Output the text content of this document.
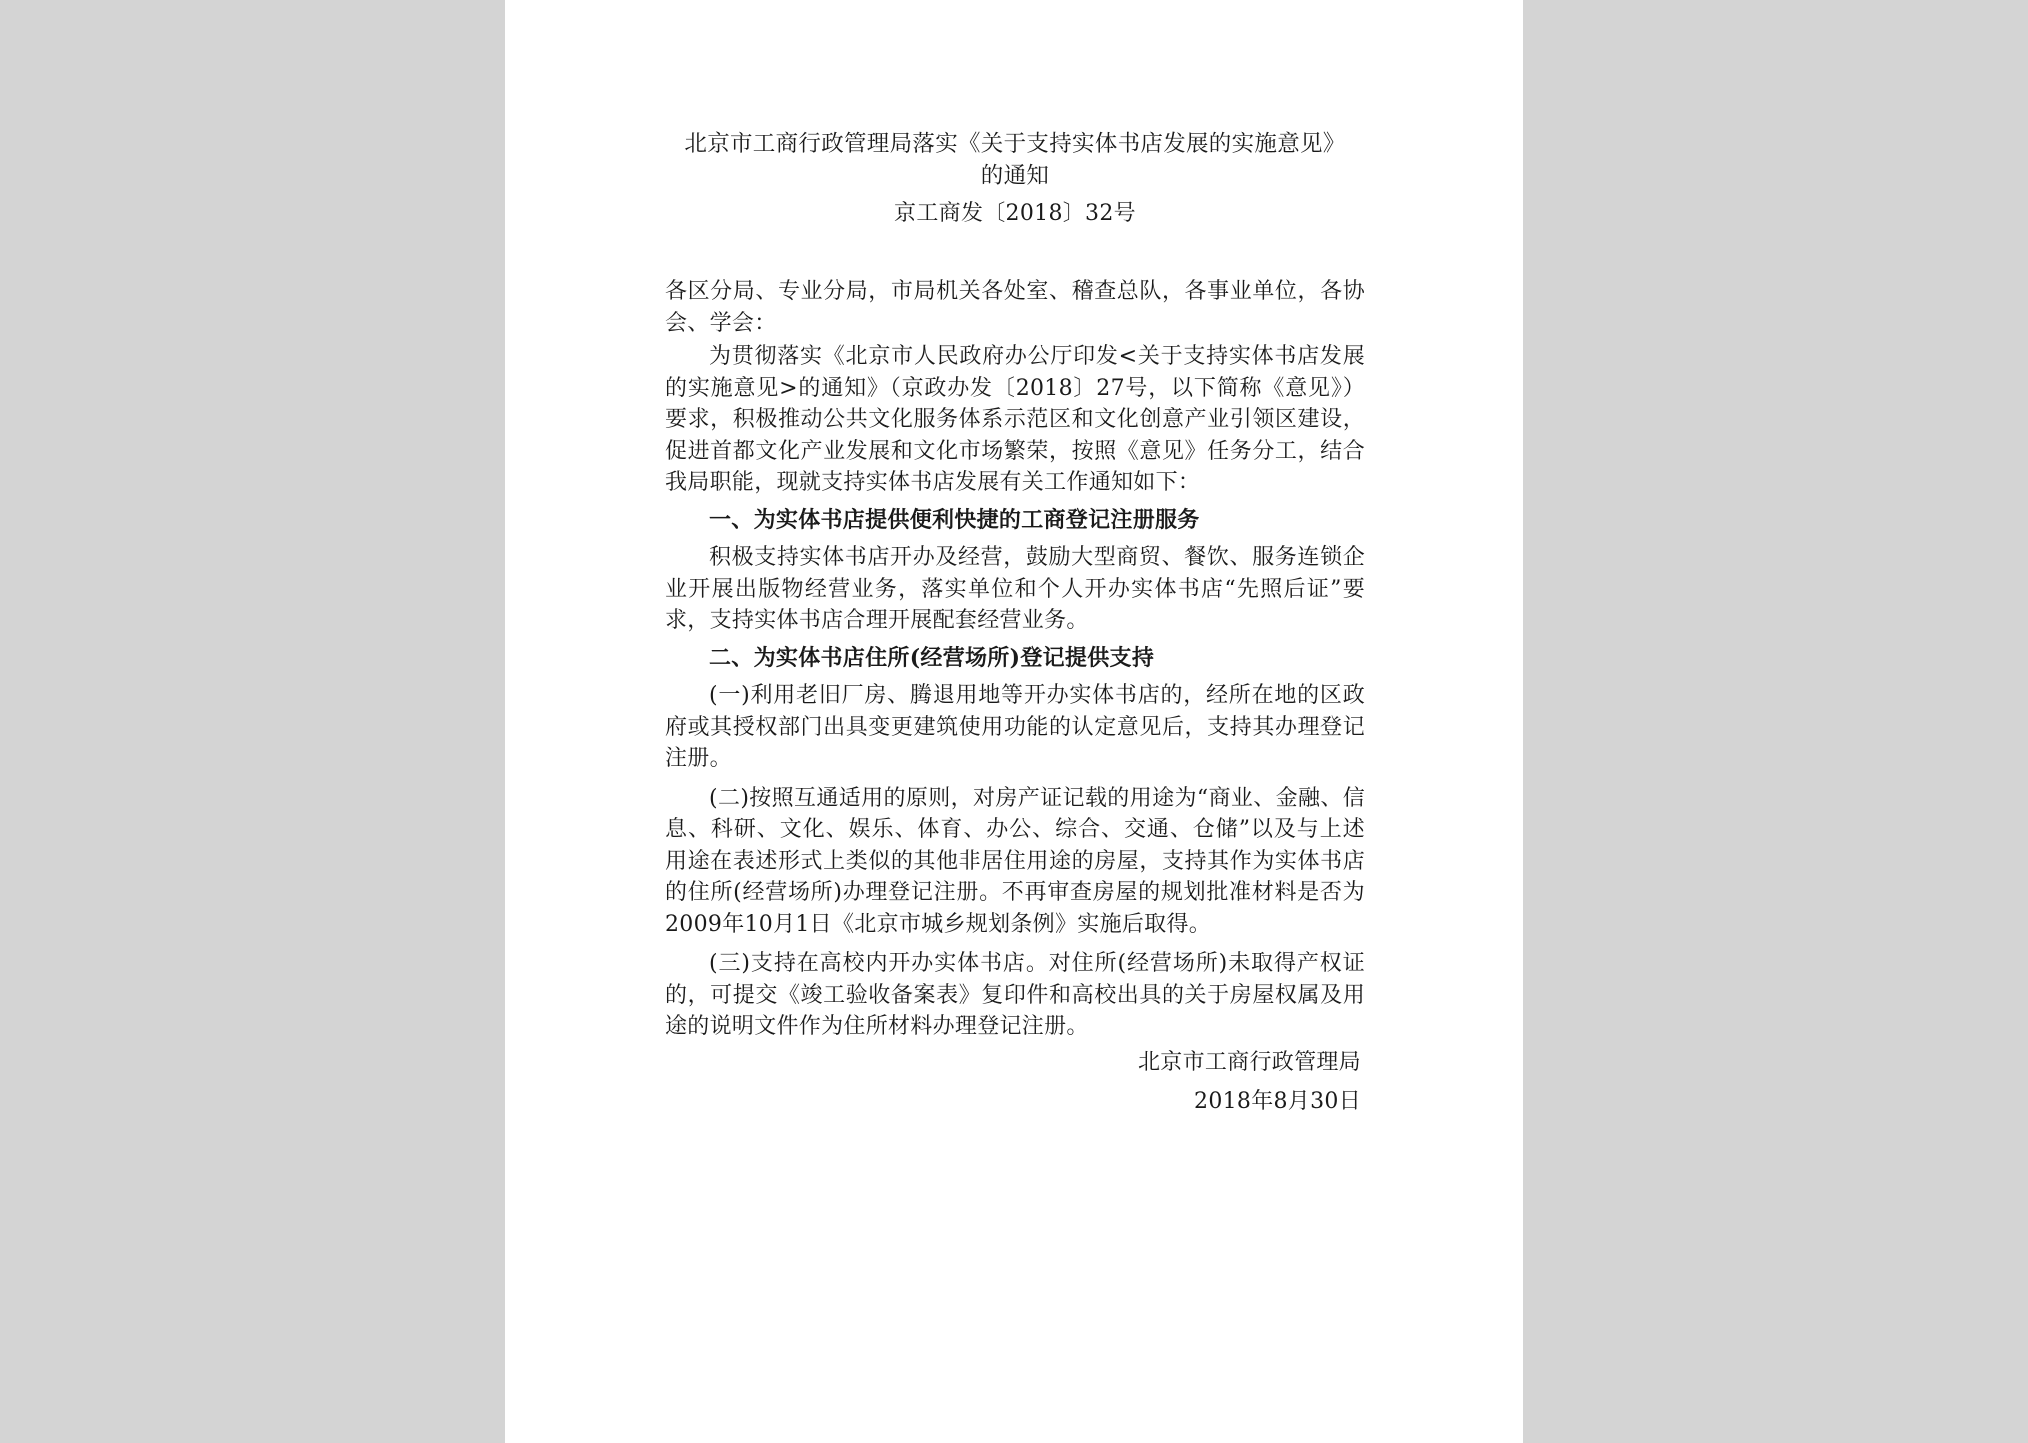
北京市工商行政管理局落实《关于支持实体书店发展的实施意见》

的通知

京工商发〔2018〕32号

各区分局、专业分局，市局机关各处室、稽查总队，各事业单位，各协会、学会：

为贯彻落实《北京市人民政府办公厅印发<关于支持实体书店发展的实施意见>的通知》（京政办发〔2018〕27号，以下简称《意见》）要求，积极推动公共文化服务体系示范区和文化创意产业引领区建设，促进首都文化产业发展和文化市场繁荣，按照《意见》任务分工，结合我局职能，现就支持实体书店发展有关工作通知如下：

一、为实体书店提供便利快捷的工商登记注册服务

积极支持实体书店开办及经营，鼓励大型商贸、餐饮、服务连锁企业开展出版物经营业务，落实单位和个人开办实体书店“先照后证”要求，支持实体书店合理开展配套经营业务。

二、为实体书店住所(经营场所)登记提供支持

(一)利用老旧厂房、腾退用地等开办实体书店的，经所在地的区政府或其授权部门出具变更建筑使用功能的认定意见后，支持其办理登记注册。

(二)按照互通适用的原则，对房产证记载的用途为“商业、金融、信息、科研、文化、娱乐、体育、办公、综合、交通、仓储”以及与上述用途在表述形式上类似的其他非居住用途的房屋，支持其作为实体书店的住所(经营场所)办理登记注册。不再审查房屋的规划批准材料是否为2009年10月1日《北京市城乡规划条例》实施后取得。

(三)支持在高校内开办实体书店。对住所(经营场所)未取得产权证的，可提交《竣工验收备案表》复印件和高校出具的关于房屋权属及用途的说明文件作为住所材料办理登记注册。

北京市工商行政管理局

2018年8月30日
